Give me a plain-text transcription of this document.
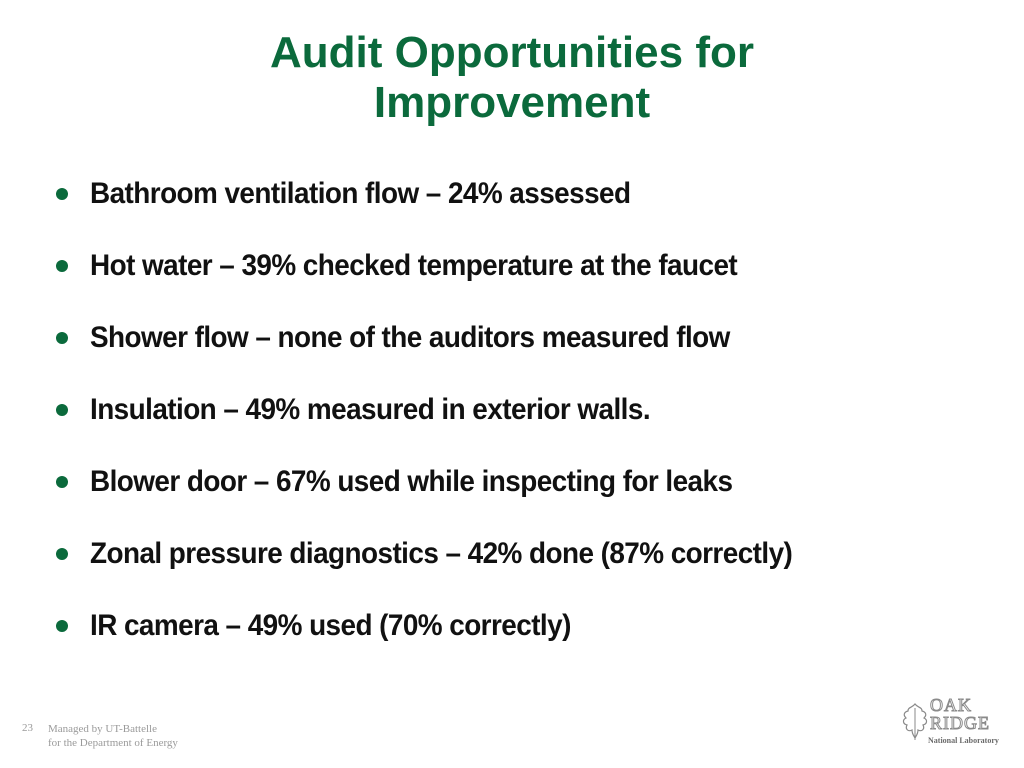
Audit Opportunities for
Improvement
Bathroom ventilation flow – 24% assessed
Hot water – 39% checked temperature at the faucet
Shower flow – none of the auditors measured flow
Insulation – 49% measured in exterior walls.
Blower door – 67% used while inspecting for leaks
Zonal pressure diagnostics – 42% done (87% correctly)
IR camera – 49% used (70% correctly)
23 Managed by UT-Battelle
for the Department of Energy
OAK
RIDGE
National Laboratory
